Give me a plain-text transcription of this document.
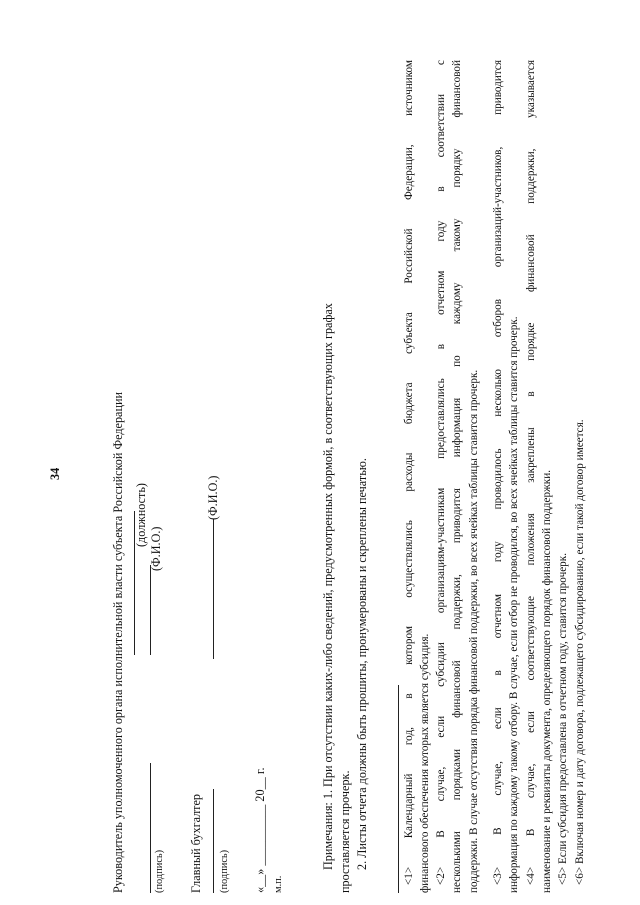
34	Руководитель уполномоченного органа исполнительной власти субъекта Российской Федерации (должность)
(Ф.И.О.)
(подпись) Главный бухгалтер
(Ф.И.О.)
(подпись) «__» __________ 20__ г. м.п.
Примечания: 1. При отсутствии каких-либо сведений, предусмотренных формой, в соответствующих графах проставляется прочерк. 2. Листы отчета должны быть прошиты, пронумерованы и скреплены печатью.	<1> Календарный год, в котором осуществлялись расходы бюджета субъекта Российской Федерации, источником финансового обеспечения которых является субсидия. <2> В случае, если субсидии организациям-участникам предоставлялись в отчетном году в соответствии с несколькими порядками финансовой поддержки, приводится информация по каждому такому порядку финансовой поддержки. В случае отсутствия порядка финансовой поддержки, во всех ячейках таблицы ставится прочерк. <3> В случае, если в отчетном году проводилось несколько отборов организаций-участников, приводится информация по каждому такому отбору. В случае, если отбор не проводился, во всех ячейках таблицы ставится прочерк. <4> В случае, если соответствующие положения закреплены в порядке финансовой поддержки, указывается наименование и реквизиты документа, определяющего порядок финансовой поддержки. <5> Если субсидия предоставлена в отчетном году, ставится прочерк. <6> Включая номер и дату договора, подлежащего субсидированию, если такой договор имеется.
